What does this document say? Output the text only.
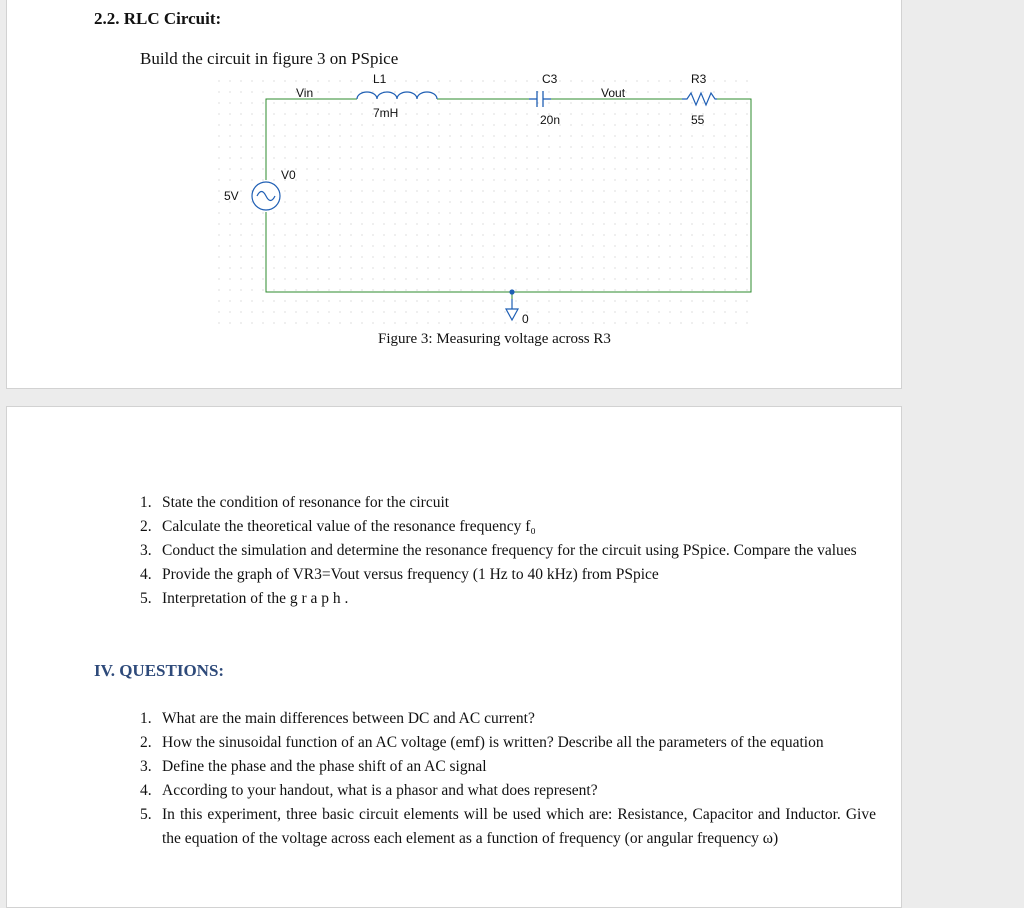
2.2. RLC Circuit:
Build the circuit in figure 3 on PSpice
L1
7mH
C3
20n
R3
55
Vin	Vout
V0
5V
0
Figure 3: Measuring voltage across R3
1. State the condition of resonance for the circuit
2. Calculate the theoretical value of the resonance frequency f₀
3. Conduct the simulation and determine the resonance frequency for the circuit using PSpice. Compare the values
4. Provide the graph of VR3=Vout versus frequency (1 Hz to 40 kHz) from PSpice
5. Interpretation of the g r a p h .
IV. QUESTIONS:
1. What are the main differences between DC and AC current?
2. How the sinusoidal function of an AC voltage (emf) is written? Describe all the parameters of the equation
3. Define the phase and the phase shift of an AC signal
4. According to your handout, what is a phasor and what does represent?
5. In this experiment, three basic circuit elements will be used which are: Resistance, Capacitor and Inductor. Give the equation of the voltage across each element as a function of frequency (or angular frequency ω)
